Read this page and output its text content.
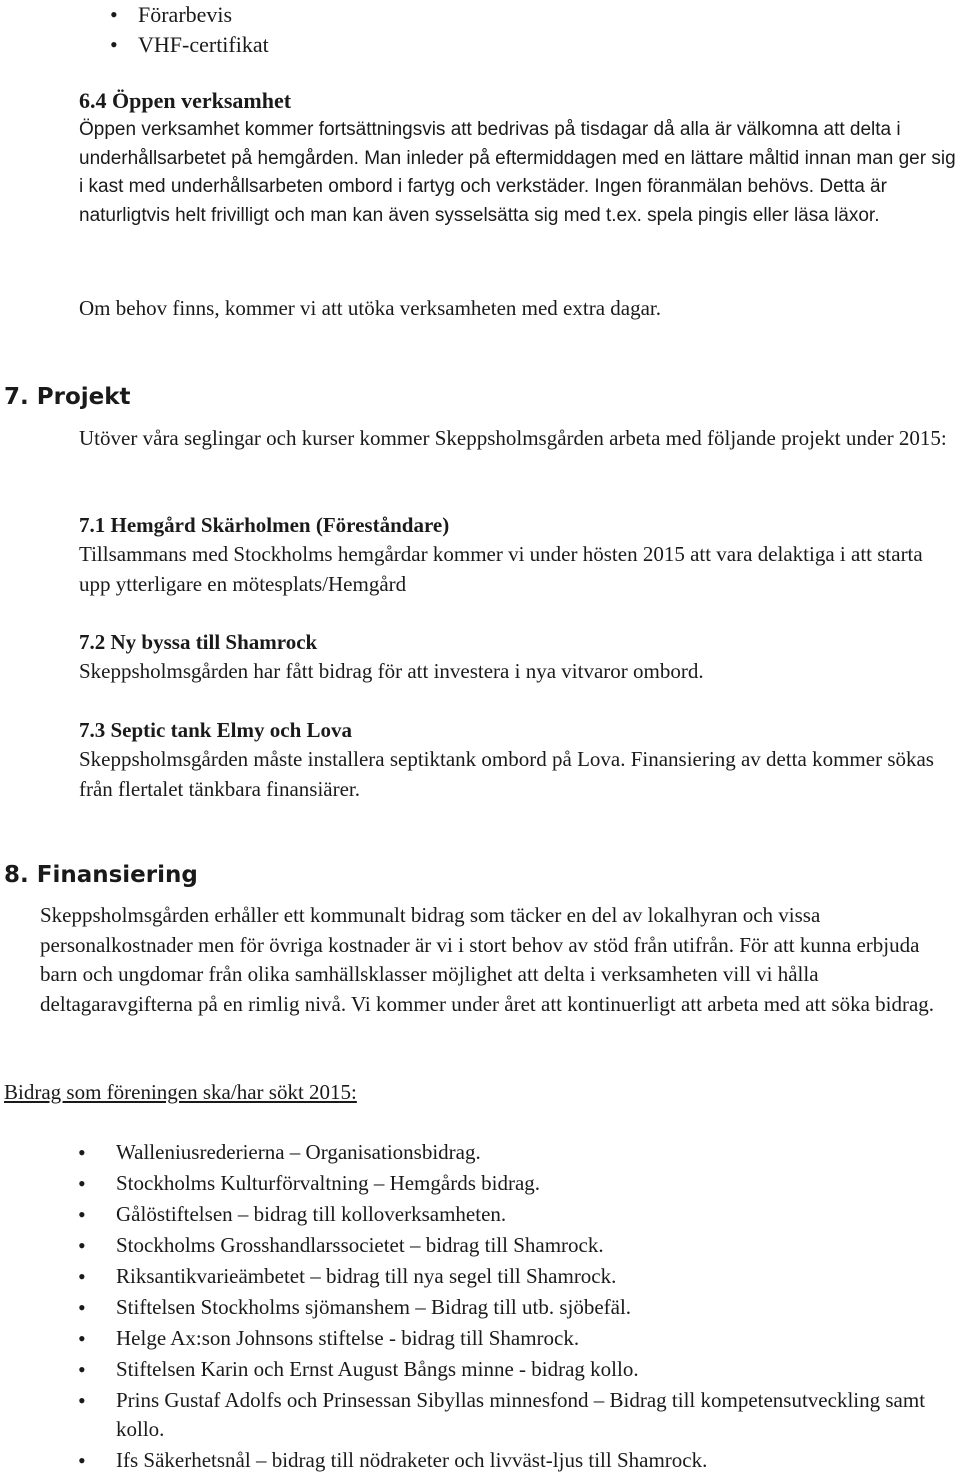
• Förarbevis
• VHF-certifikat
6.4 Öppen verksamhet

Öppen verksamhet kommer fortsättningsvis att bedrivas på tisdagar då alla är välkomna att delta i underhållsarbetet på hemgården. Man inleder på eftermiddagen med en lättare måltid innan man ger sig i kast med underhållsarbeten ombord i fartyg och verkstäder. Ingen föranmälan behövs. Detta är naturligtvis helt frivilligt och man kan även sysselsätta sig med t.ex. spela pingis eller läsa läxor.

Om behov finns, kommer vi att utöka verksamheten med extra dagar.

7. Projekt

Utöver våra seglingar och kurser kommer Skeppsholmsgården arbeta med följande projekt under 2015:

7.1 Hemgård Skärholmen (Föreståndare)

Tillsammans med Stockholms hemgårdar kommer vi under hösten 2015 att vara delaktiga i att starta upp ytterligare en mötesplats/Hemgård

7.2 Ny byssa till Shamrock

Skeppsholmsgården har fått bidrag för att investera i nya vitvaror ombord.

7.3 Septic tank Elmy och Lova

Skeppsholmsgården måste installera septiktank ombord på Lova. Finansiering av detta kommer sökas från flertalet tänkbara finansiärer.

8. Finansiering

Skeppsholmsgården erhåller ett kommunalt bidrag som täcker en del av lokalhyran och vissa personalkostnader men för övriga kostnader är vi i stort behov av stöd från utifrån. För att kunna erbjuda barn och ungdomar från olika samhällsklasser möjlighet att delta i verksamheten vill vi hålla deltagaravgifterna på en rimlig nivå. Vi kommer under året att kontinuerligt att arbeta med att söka bidrag.

Bidrag som föreningen ska/har sökt 2015:

• Walleniusrederierna – Organisationsbidrag.
• Stockholms Kulturförvaltning – Hemgårds bidrag.
• Gålöstiftelsen – bidrag till kolloverksamheten.
• Stockholms Grosshandlarssocietet – bidrag till Shamrock.
• Riksantikvarieämbetet – bidrag till nya segel till Shamrock.
• Stiftelsen Stockholms sjömanshem – Bidrag till utb. sjöbefäl.
• Helge Ax:son Johnsons stiftelse - bidrag till Shamrock.
• Stiftelsen Karin och Ernst August Bångs minne - bidrag kollo.
• Prins Gustaf Adolfs och Prinsessan Sibyllas minnesfond – Bidrag till kompetensutveckling samt kollo.
• Ifs Säkerhetsnål – bidrag till nödraketer och livväst-ljus till Shamrock.
